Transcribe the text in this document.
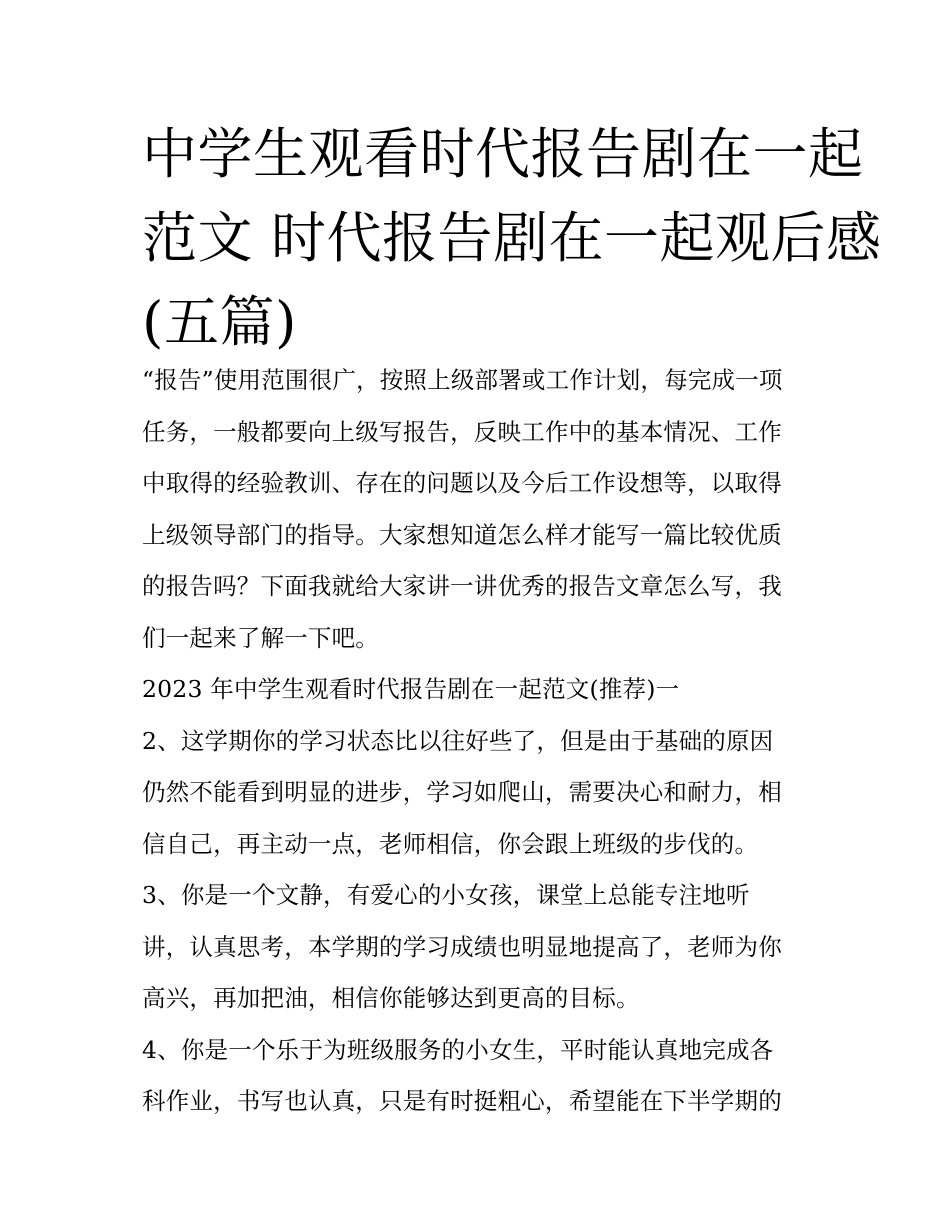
中学生观看时代报告剧在一起
范文 时代报告剧在一起观后感
(五篇)

“报告”使用范围很广，按照上级部署或工作计划，每完成一项
任务，一般都要向上级写报告，反映工作中的基本情况、工作
中取得的经验教训、存在的问题以及今后工作设想等，以取得
上级领导部门的指导。大家想知道怎么样才能写一篇比较优质
的报告吗？下面我就给大家讲一讲优秀的报告文章怎么写，我
们一起来了解一下吧。

2023 年中学生观看时代报告剧在一起范文(推荐)一

2、这学期你的学习状态比以往好些了，但是由于基础的原因
仍然不能看到明显的进步，学习如爬山，需要决心和耐力，相
信自己，再主动一点，老师相信，你会跟上班级的步伐的。

3、你是一个文静，有爱心的小女孩，课堂上总能专注地听
讲，认真思考，本学期的学习成绩也明显地提高了，老师为你
高兴，再加把油，相信你能够达到更高的目标。

4、你是一个乐于为班级服务的小女生，平时能认真地完成各
科作业，书写也认真，只是有时挺粗心，希望能在下半学期的
